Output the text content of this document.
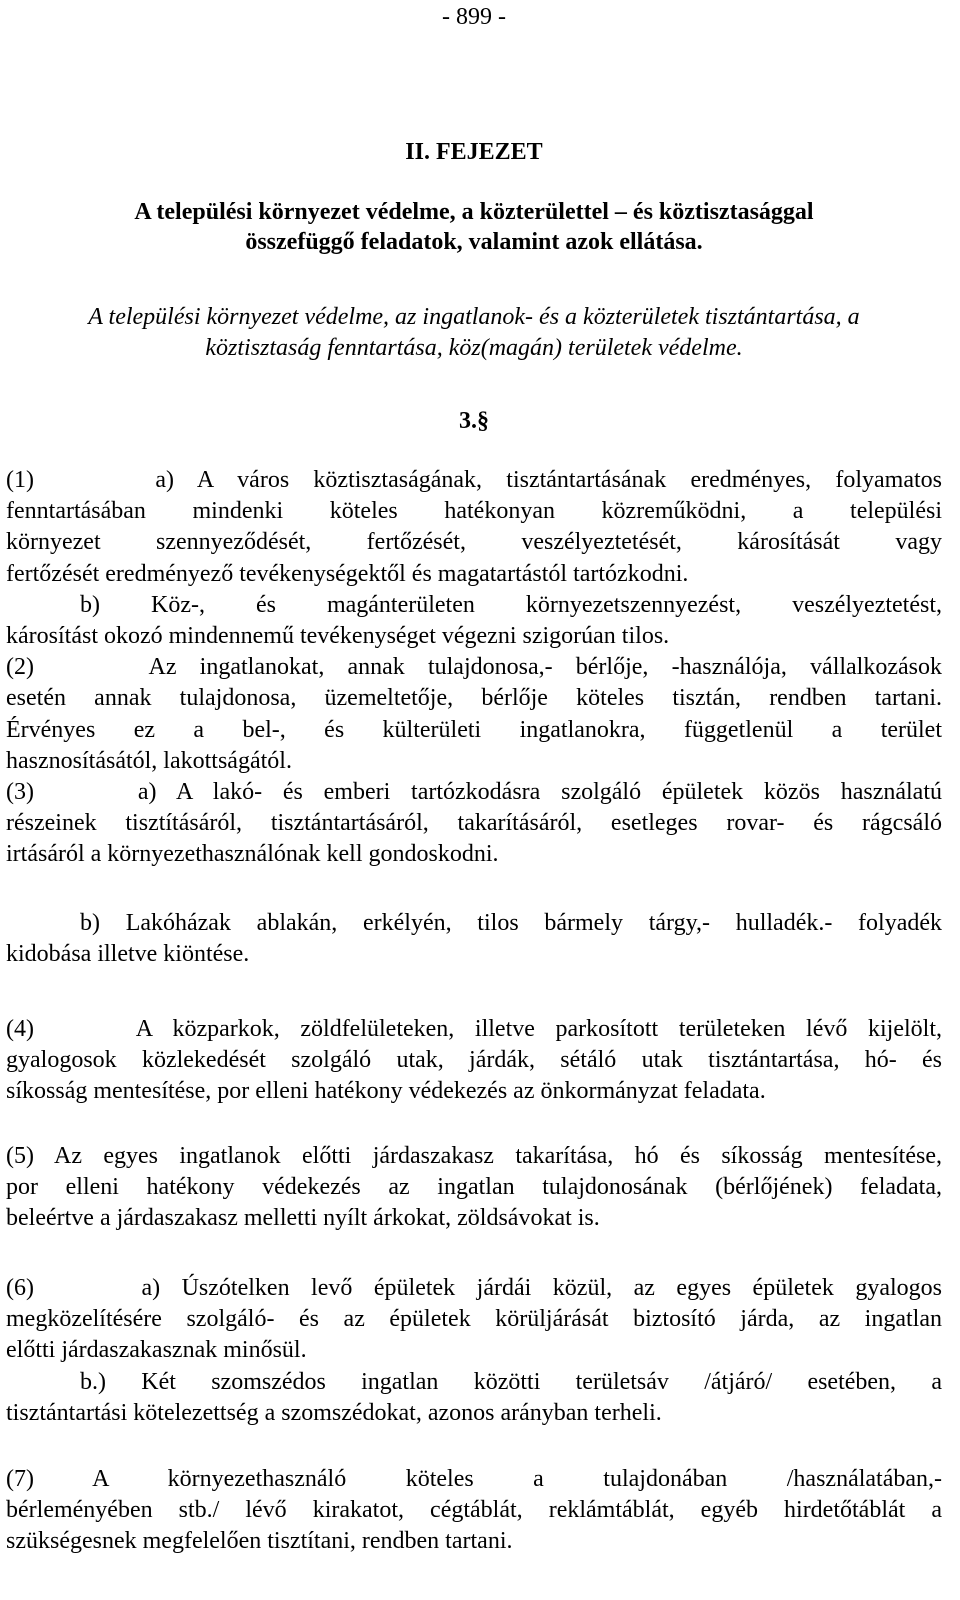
- 899 -
II. FEJEZET
A települési környezet védelme, a közterülettel – és köztisztasággal
összefüggő feladatok, valamint azok ellátása.
A települési környezet védelme, az ingatlanok- és a közterületek tisztántartása, a
köztisztaság fenntartása, köz(magán) területek védelme.
3.§
(1)     a) A város köztisztaságának, tisztántartásának eredményes, folyamatos
fenntartásában mindenki köteles hatékonyan közreműködni, a települési
környezet szennyeződését, fertőzését, veszélyeztetését, károsítását vagy
fertőzését eredményező tevékenységektől és magatartástól tartózkodni.
b) Köz-, és magánterületen környezetszennyezést, veszélyeztetést,
károsítást okozó mindennemű tevékenységet végezni szigorúan tilos.
(2)     Az ingatlanokat, annak tulajdonosa,- bérlője, -használója, vállalkozások
esetén annak tulajdonosa, üzemeltetője, bérlője köteles tisztán, rendben tartani.
Érvényes ez a bel-, és külterületi ingatlanokra, függetlenül a terület
hasznosításától, lakottságától.
(3)     a) A lakó- és emberi tartózkodásra szolgáló épületek közös használatú
részeinek tisztításáról, tisztántartásáról, takarításáról, esetleges rovar- és rágcsáló
irtásáról a környezethasználónak kell gondoskodni.
b) Lakóházak ablakán, erkélyén, tilos bármely tárgy,- hulladék.- folyadék
kidobása illetve kiöntése.
(4)     A közparkok, zöldfelületeken, illetve parkosított területeken lévő kijelölt,
gyalogosok közlekedését szolgáló utak, járdák, sétáló utak tisztántartása, hó- és
síkosság mentesítése, por elleni hatékony védekezés az önkormányzat feladata.
(5) Az egyes ingatlanok előtti járdaszakasz takarítása, hó és síkosság mentesítése,
por elleni hatékony védekezés az ingatlan tulajdonosának (bérlőjének) feladata,
beleértve a járdaszakasz melletti nyílt árkokat, zöldsávokat is.
(6)     a) Úszótelken levő épületek járdái közül, az egyes épületek gyalogos
megközelítésére szolgáló- és az épületek körüljárását biztosító járda, az ingatlan
előtti járdaszakasznak minősül.
b.) Két szomszédos ingatlan közötti területsáv /átjáró/ esetében, a
tisztántartási kötelezettség a szomszédokat, azonos arányban terheli.
(7)     A     környezethasználó     köteles     a     tulajdonában     /használatában,-
bérleményében stb./ lévő kirakatot, cégtáblát, reklámtáblát, egyéb hirdetőtáblát a
szükségesnek megfelelően tisztítani, rendben tartani.
